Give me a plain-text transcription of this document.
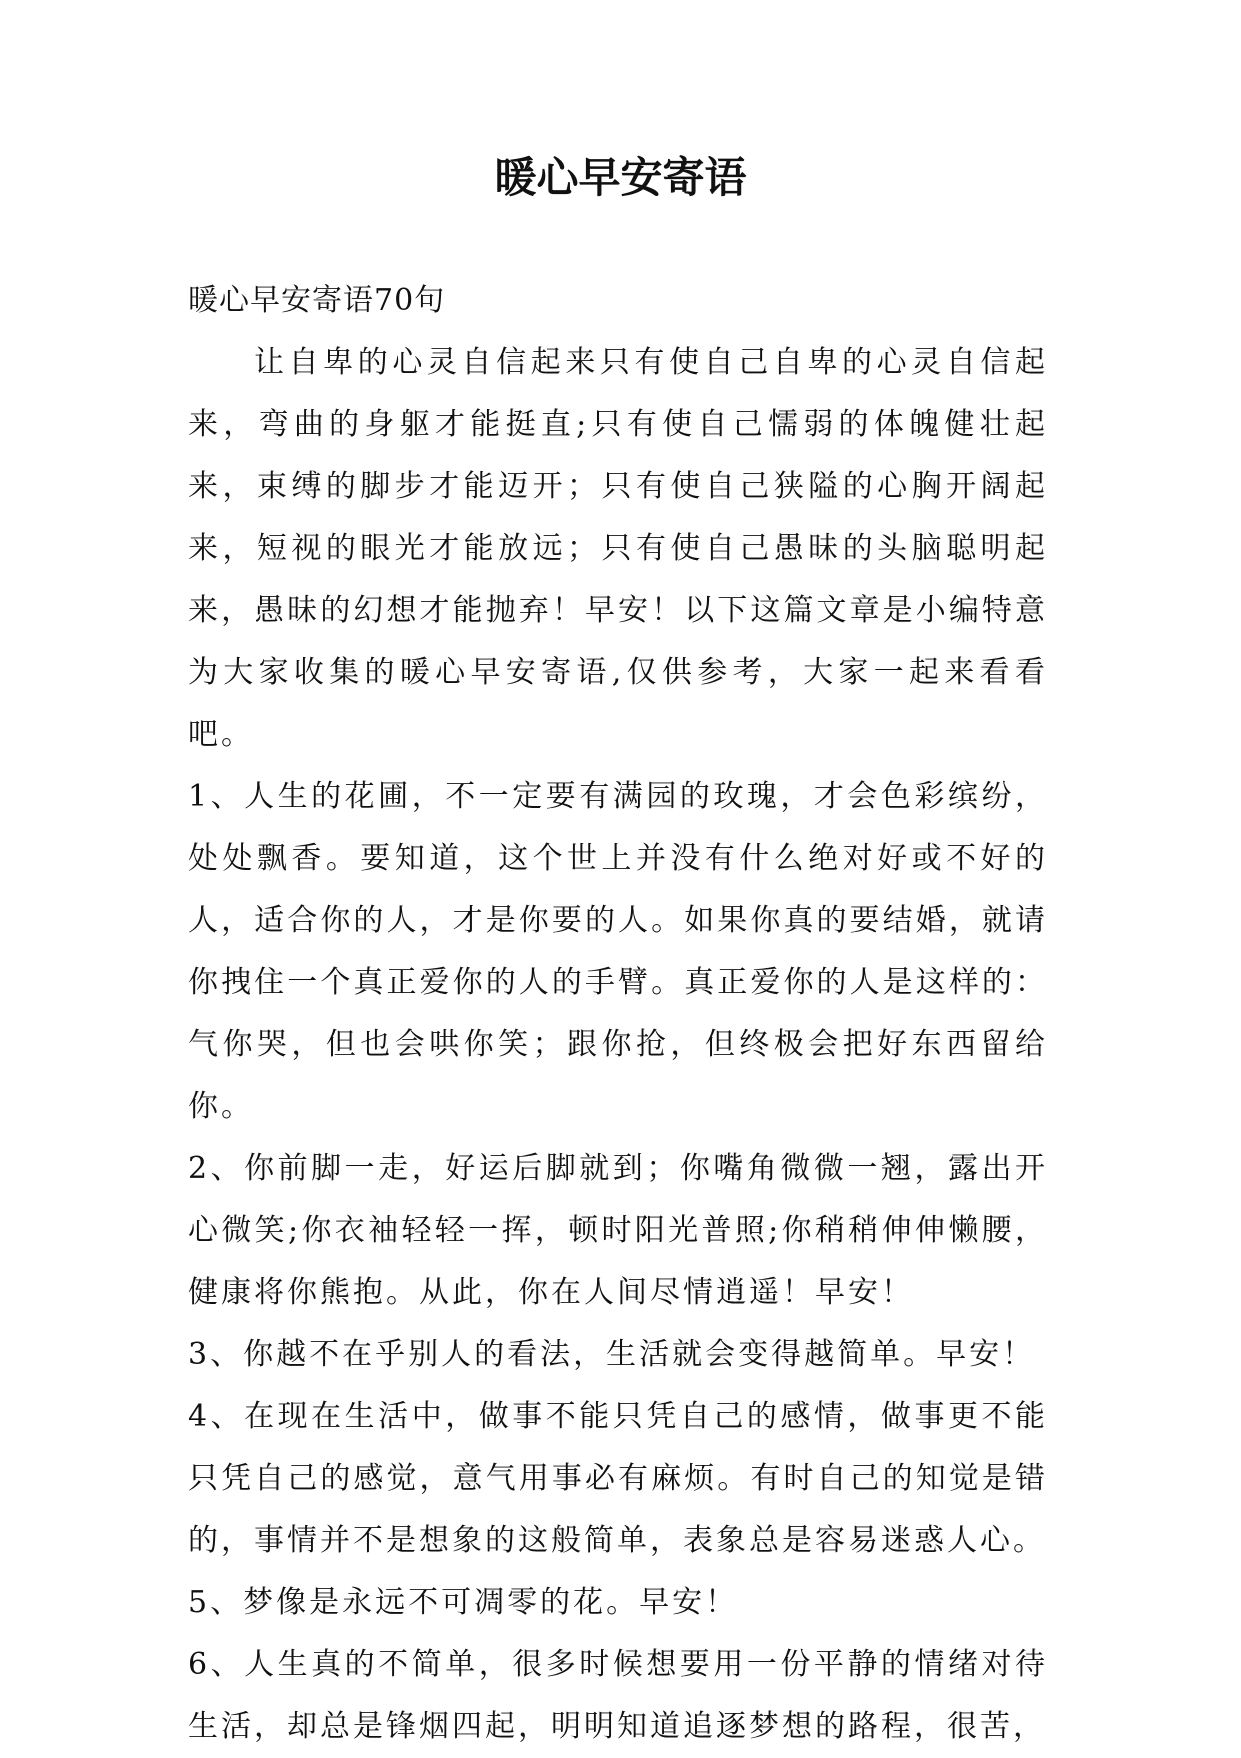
暖心早安寄语

暖心早安寄语70句

让自卑的心灵自信起来只有使自己自卑的心灵自信起来，弯曲的身躯才能挺直;只有使自己懦弱的体魄健壮起来，束缚的脚步才能迈开；只有使自己狭隘的心胸开阔起来，短视的眼光才能放远；只有使自己愚昧的头脑聪明起来，愚昧的幻想才能抛弃！早安！以下这篇文章是小编特意为大家收集的暖心早安寄语,仅供参考，大家一起来看看吧。

1、人生的花圃，不一定要有满园的玫瑰，才会色彩缤纷，处处飘香。要知道，这个世上并没有什么绝对好或不好的人，适合你的人，才是你要的人。如果你真的要结婚，就请你拽住一个真正爱你的人的手臂。真正爱你的人是这样的：气你哭，但也会哄你笑；跟你抢，但终极会把好东西留给你。

2、你前脚一走，好运后脚就到；你嘴角微微一翘，露出开心微笑;你衣袖轻轻一挥，顿时阳光普照;你稍稍伸伸懒腰，健康将你熊抱。从此，你在人间尽情逍遥！早安！

3、你越不在乎别人的看法，生活就会变得越简单。早安！

4、在现在生活中，做事不能只凭自己的感情，做事更不能只凭自己的感觉，意气用事必有麻烦。有时自己的知觉是错的，事情并不是想象的这般简单，表象总是容易迷惑人心。

5、梦像是永远不可凋零的花。早安！

6、人生真的不简单，很多时候想要用一份平静的情绪对待生活，却总是锋烟四起，明明知道追逐梦想的路程，很苦，
